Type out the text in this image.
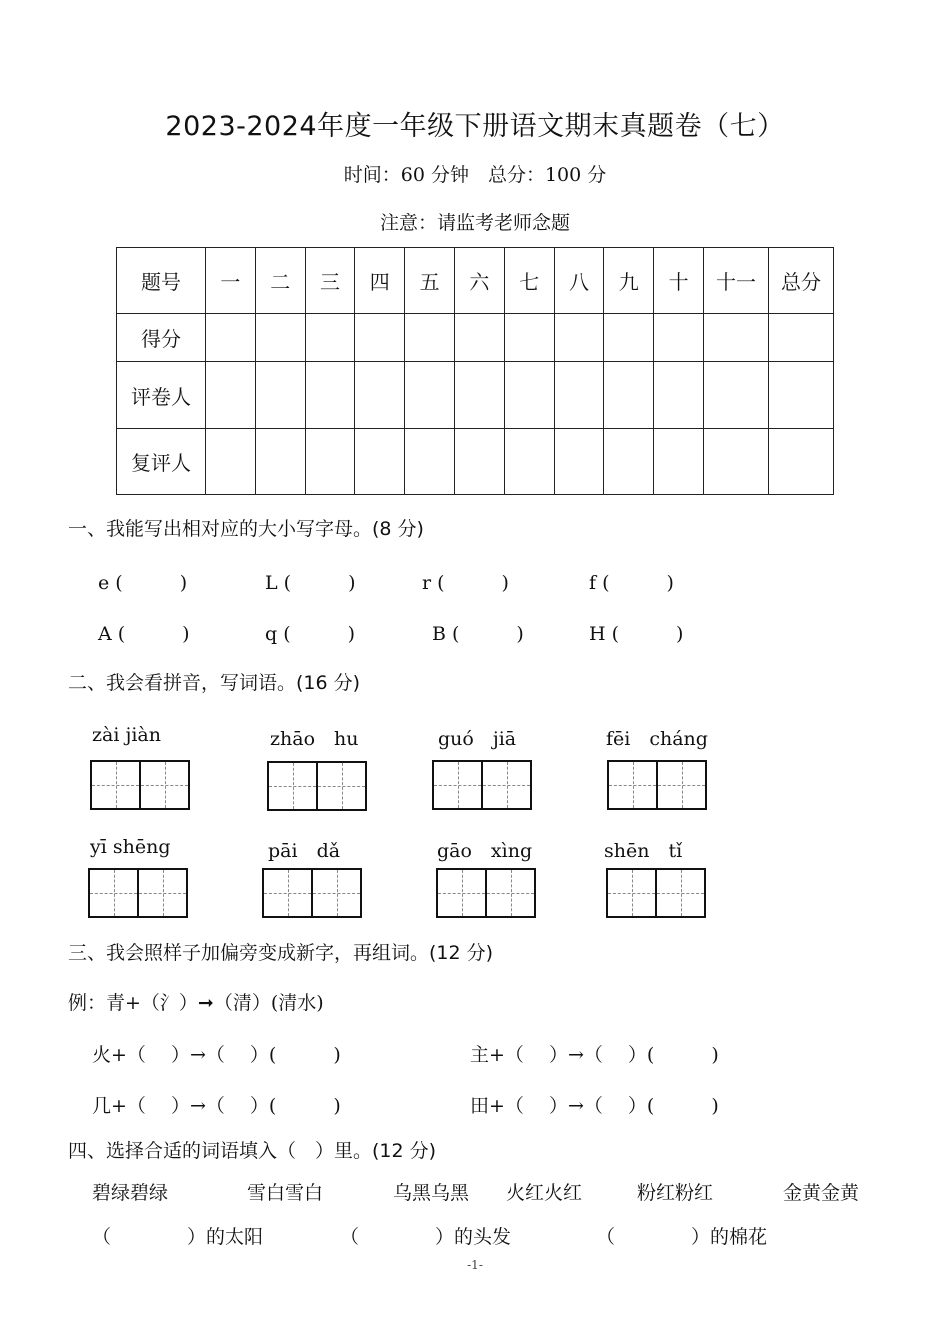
2023-2024年度一年级下册语文期末真题卷（七）
时间：60 分钟　总分：100 分
注意：请监考老师念题
题号	一	二	三	四	五	六	七	八	九	十	十一	总分
得分												
评卷人												
复评人												
一、我能写出相对应的大小写字母。(8 分)
e (　　　)	L (　　　)	r (　　　)	f (　　　)
A (　　　)	q (　　　)	B (　　　)	H (　　　)
二、我会看拼音，写词语。(16 分)
zài jiàn	zhāo　hu	guó　jiā	fēi　cháng
yī shēng	pāi　dǎ	gāo　xìng	shēn　tǐ
三、我会照样子加偏旁变成新字，再组词。(12 分)
例：青+（氵）➞（清）(清水)
火+（　 ）→（　 ）(　　　)	主+（　 ）→（　 ）(　　　)
几+（　 ）→（　 ）(　　　)	田+（　 ）→（　 ）(　　　)
四、选择合适的词语填入（　）里。(12 分)
碧绿碧绿	雪白雪白	乌黑乌黑 火红火红	粉红粉红	金黄金黄
（　　　　）的太阳	（　　　　）的头发	（　　　　）的棉花
-1-
